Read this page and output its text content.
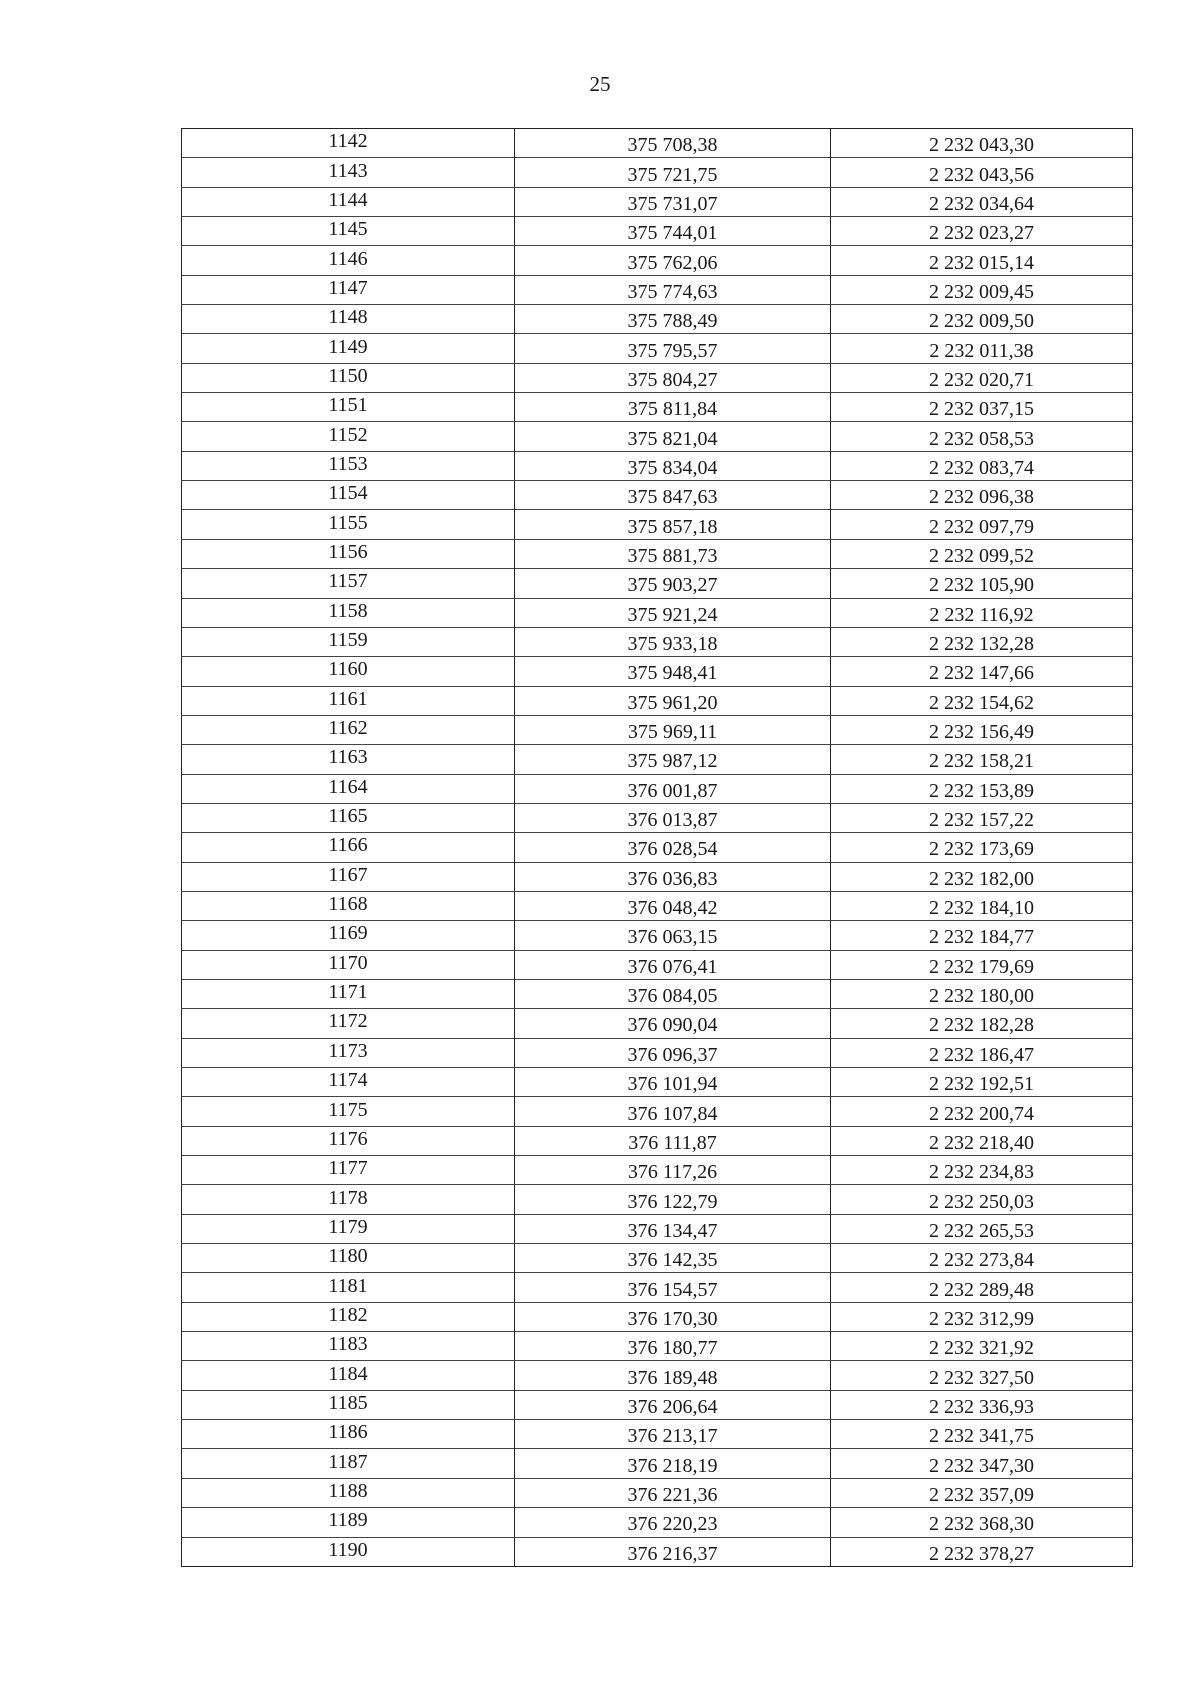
25
1142	375 708,38	2 232 043,30
1143	375 721,75	2 232 043,56
1144	375 731,07	2 232 034,64
1145	375 744,01	2 232 023,27
1146	375 762,06	2 232 015,14
1147	375 774,63	2 232 009,45
1148	375 788,49	2 232 009,50
1149	375 795,57	2 232 011,38
1150	375 804,27	2 232 020,71
1151	375 811,84	2 232 037,15
1152	375 821,04	2 232 058,53
1153	375 834,04	2 232 083,74
1154	375 847,63	2 232 096,38
1155	375 857,18	2 232 097,79
1156	375 881,73	2 232 099,52
1157	375 903,27	2 232 105,90
1158	375 921,24	2 232 116,92
1159	375 933,18	2 232 132,28
1160	375 948,41	2 232 147,66
1161	375 961,20	2 232 154,62
1162	375 969,11	2 232 156,49
1163	375 987,12	2 232 158,21
1164	376 001,87	2 232 153,89
1165	376 013,87	2 232 157,22
1166	376 028,54	2 232 173,69
1167	376 036,83	2 232 182,00
1168	376 048,42	2 232 184,10
1169	376 063,15	2 232 184,77
1170	376 076,41	2 232 179,69
1171	376 084,05	2 232 180,00
1172	376 090,04	2 232 182,28
1173	376 096,37	2 232 186,47
1174	376 101,94	2 232 192,51
1175	376 107,84	2 232 200,74
1176	376 111,87	2 232 218,40
1177	376 117,26	2 232 234,83
1178	376 122,79	2 232 250,03
1179	376 134,47	2 232 265,53
1180	376 142,35	2 232 273,84
1181	376 154,57	2 232 289,48
1182	376 170,30	2 232 312,99
1183	376 180,77	2 232 321,92
1184	376 189,48	2 232 327,50
1185	376 206,64	2 232 336,93
1186	376 213,17	2 232 341,75
1187	376 218,19	2 232 347,30
1188	376 221,36	2 232 357,09
1189	376 220,23	2 232 368,30
1190	376 216,37	2 232 378,27
